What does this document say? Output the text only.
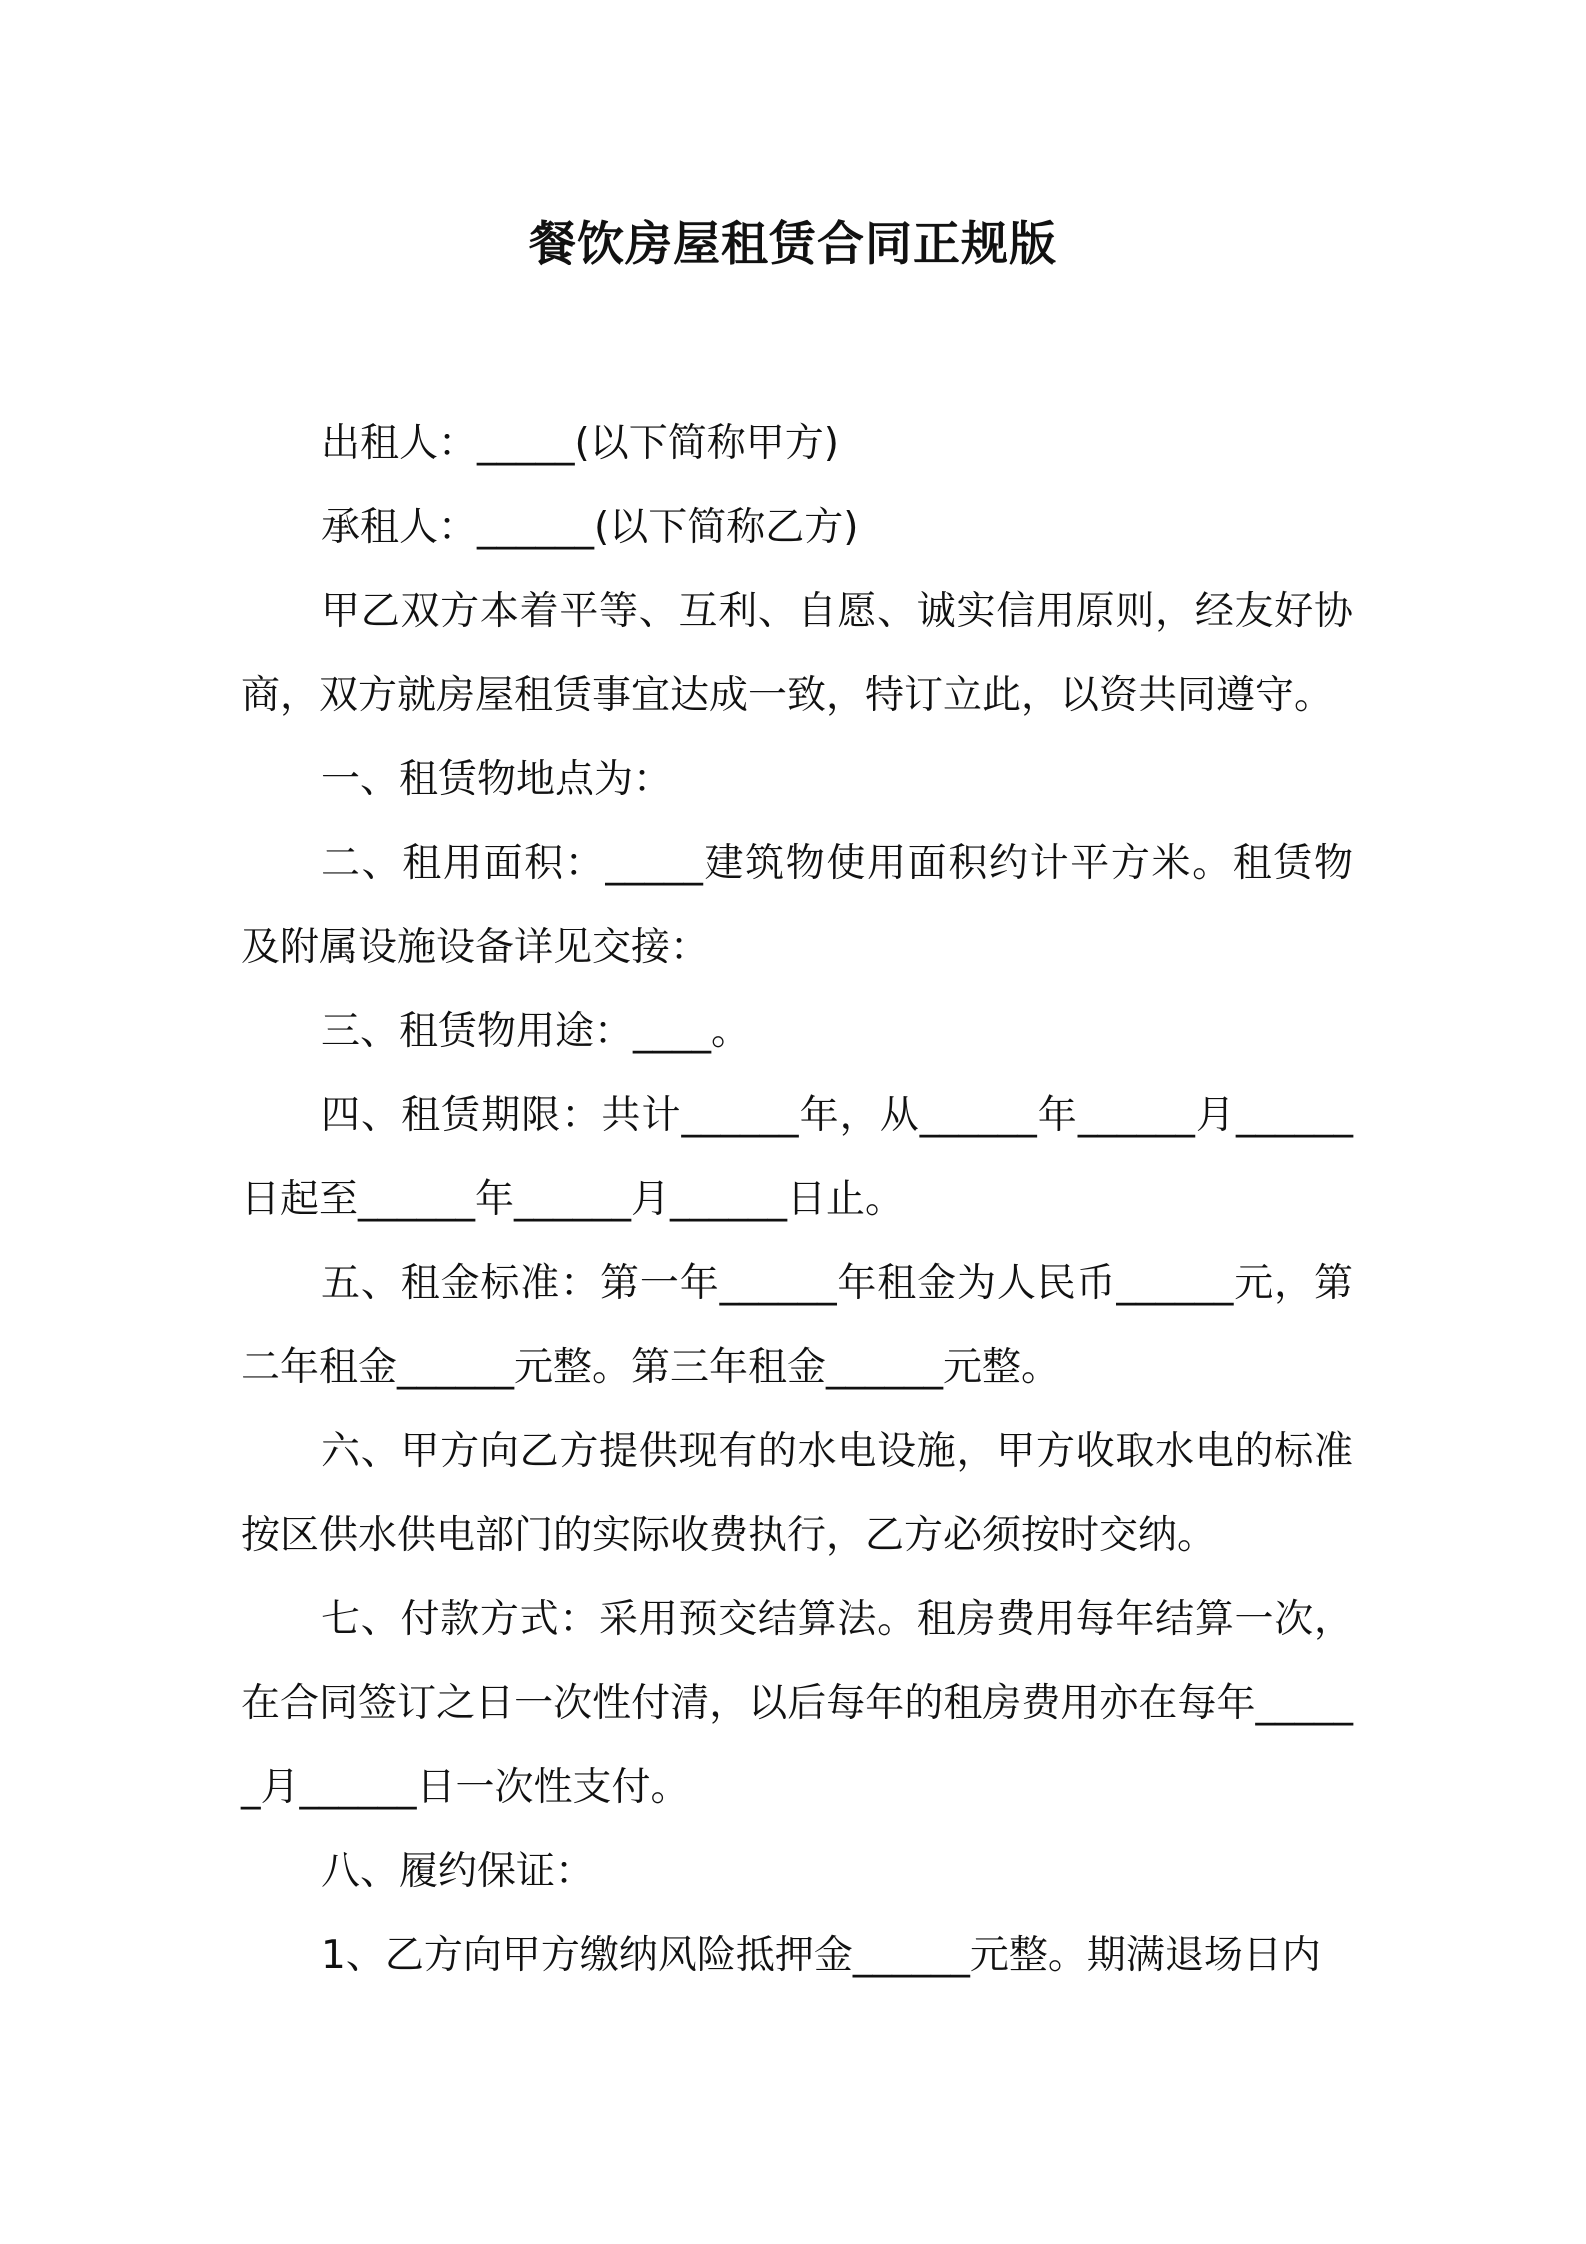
餐饮房屋租赁合同正规版

出租人：_____(以下简称甲方)

承租人：______(以下简称乙方)

甲乙双方本着平等、互利、自愿、诚实信用原则，经友好协商，双方就房屋租赁事宜达成一致，特订立此，以资共同遵守。

一、租赁物地点为：

二、租用面积：_____建筑物使用面积约计平方米。租赁物及附属设施设备详见交接：

三、租赁物用途：____。

四、租赁期限：共计______年，从______年______月______日起至______年______月______日止。

五、租金标准：第一年______年租金为人民币______元，第二年租金______元整。第三年租金______元整。

六、甲方向乙方提供现有的水电设施，甲方收取水电的标准按区供水供电部门的实际收费执行，乙方必须按时交纳。

七、付款方式：采用预交结算法。租房费用每年结算一次，在合同签订之日一次性付清，以后每年的租房费用亦在每年______月______日一次性支付。

八、履约保证：

1、乙方向甲方缴纳风险抵押金______元整。期满退场日内
